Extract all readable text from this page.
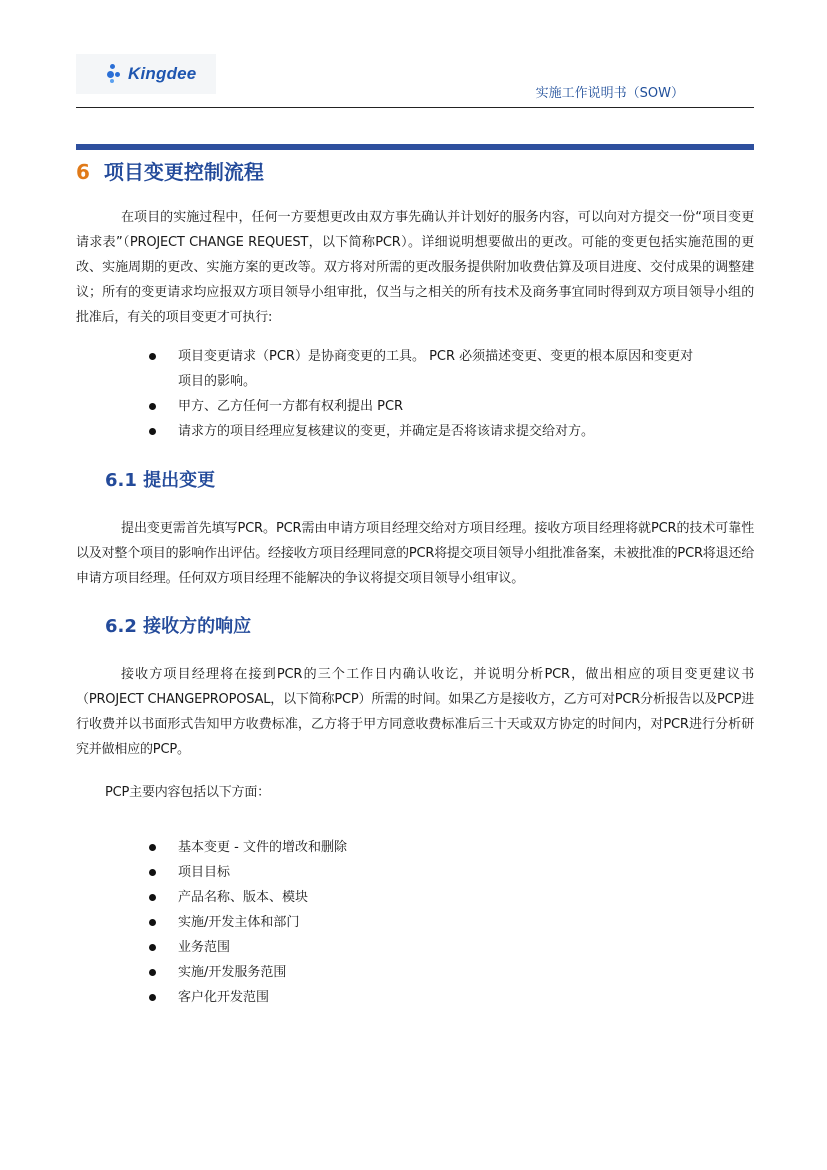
Kingdee
实施工作说明书（SOW）
6 项目变更控制流程

在项目的实施过程中，任何一方要想更改由双方事先确认并计划好的服务内容，可以向对方提交一份“项目变更请求表”（PROJECT CHANGE REQUEST，以下简称PCR）。详细说明想要做出的更改。可能的变更包括实施范围的更改、实施周期的更改、实施方案的更改等。双方将对所需的更改服务提供附加收费估算及项目进度、交付成果的调整建议；所有的变更请求均应报双方项目领导小组审批，仅当与之相关的所有技术及商务事宜同时得到双方项目领导小组的批准后，有关的项目变更才可执行:

项目变更请求（PCR）是协商变更的工具。 PCR 必须描述变更、变更的根本原因和变更对
项目的影响。
甲方、乙方任何一方都有权利提出 PCR
请求方的项目经理应复核建议的变更，并确定是否将该请求提交给对方。
6.1 提出变更

提出变更需首先填写PCR。PCR需由申请方项目经理交给对方项目经理。接收方项目经理将就PCR的技术可靠性以及对整个项目的影响作出评估。经接收方项目经理同意的PCR将提交项目领导小组批准备案，未被批准的PCR将退还给申请方项目经理。任何双方项目经理不能解决的争议将提交项目领导小组审议。

6.2 接收方的响应

接收方项目经理将在接到PCR的三个工作日内确认收讫，并说明分析PCR，做出相应的项目变更建议书（PROJECT CHANGEPROPOSAL，以下简称PCP）所需的时间。如果乙方是接收方，乙方可对PCR分析报告以及PCP进行收费并以书面形式告知甲方收费标准，乙方将于甲方同意收费标准后三十天或双方协定的时间内，对PCR进行分析研究并做相应的PCP。

PCP主要内容包括以下方面：

基本变更 - 文件的增改和删除
项目目标
产品名称、版本、模块
实施/开发主体和部门
业务范围
实施/开发服务范围
客户化开发范围
